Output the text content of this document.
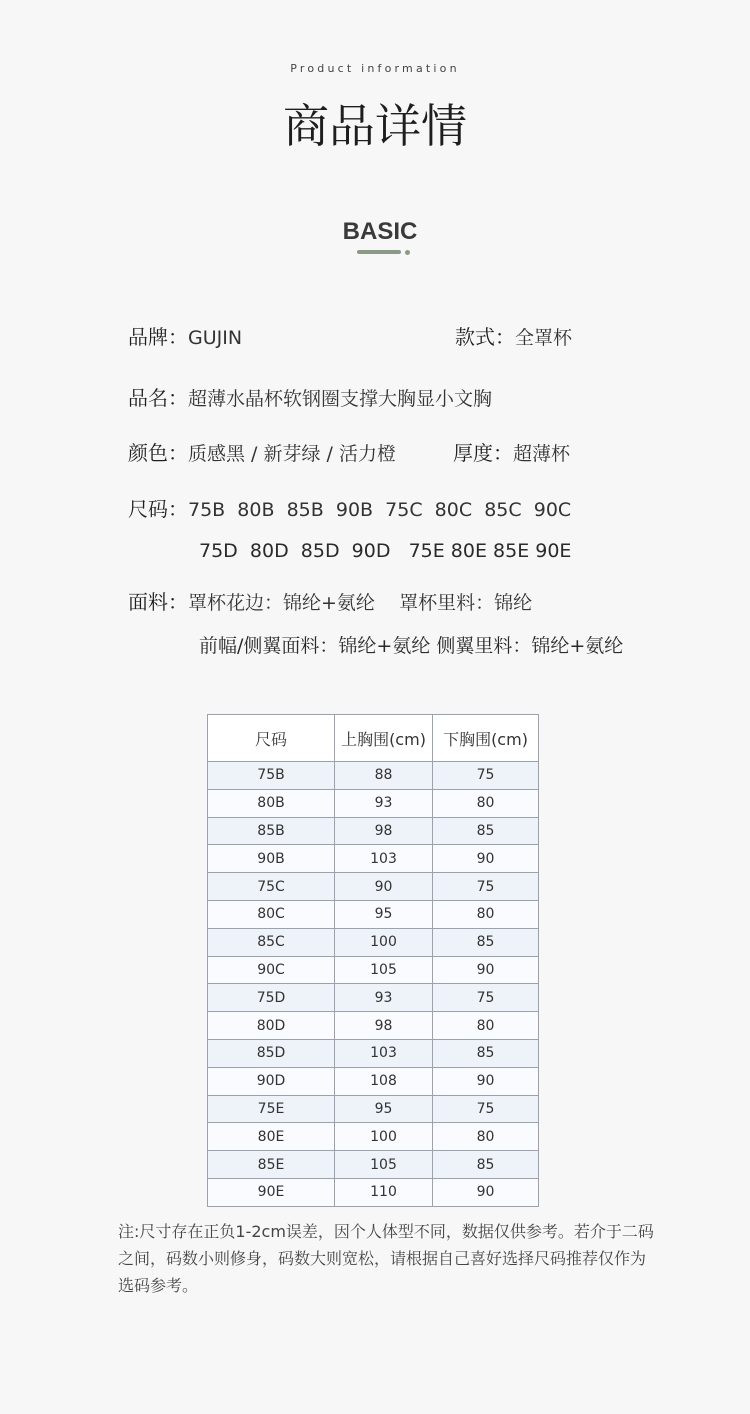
Product information
商品详情
BASIC
品牌：GUJIN	款式：全罩杯
品名：超薄水晶杯软钢圈支撑大胸显小文胸
颜色：质感黑 / 新芽绿 / 活力橙	厚度：超薄杯
尺码：75B  80B  85B  90B  75C  80C  85C  90C
75D  80D  85D  90D   75E 80E 85E 90E
面料：罩杯花边：锦纶+氨纶    罩杯里料：锦纶
前幅/侧翼面料：锦纶+氨纶 侧翼里料：锦纶+氨纶
尺码	上胸围(cm)	下胸围(cm)
75B	88	75
80B	93	80
85B	98	85
90B	103	90
75C	90	75
80C	95	80
85C	100	85
90C	105	90
75D	93	75
80D	98	80
85D	103	85
90D	108	90
75E	95	75
80E	100	80
85E	105	85
90E	110	90
注:尺寸存在正负1-2cm误差，因个人体型不同，数据仅供参考。若介于二码之间，码数小则修身，码数大则宽松，请根据自己喜好选择尺码推荐仅作为选码参考。
